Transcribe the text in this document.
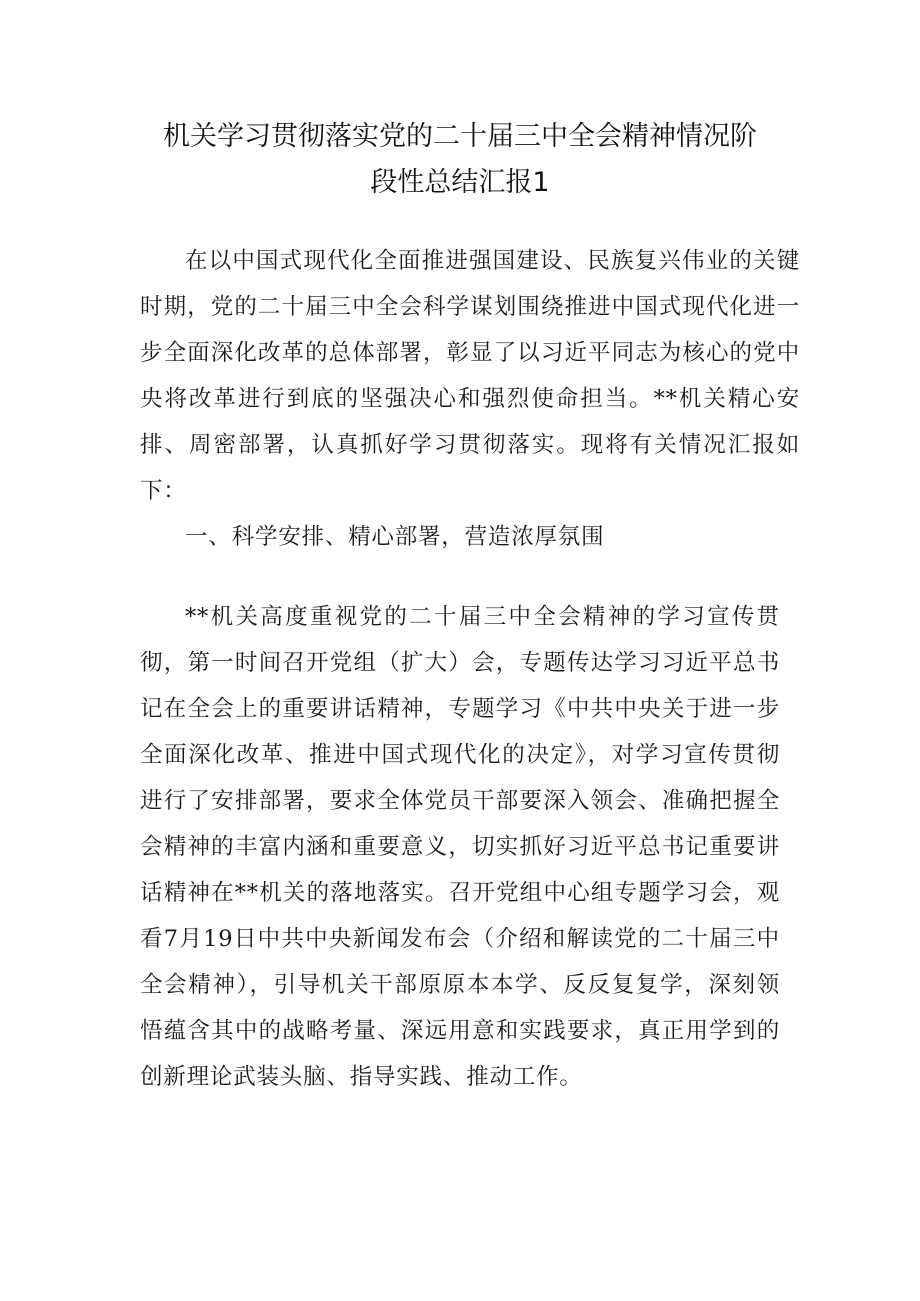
机关学习贯彻落实党的二十届三中全会精神情况阶
段性总结汇报1

在以中国式现代化全面推进强国建设、民族复兴伟业的关键时期，党的二十届三中全会科学谋划围绕推进中国式现代化进一步全面深化改革的总体部署，彰显了以习近平同志为核心的党中央将改革进行到底的坚强决心和强烈使命担当。**机关精心安排、周密部署，认真抓好学习贯彻落实。现将有关情况汇报如下：

一、科学安排、精心部署，营造浓厚氛围

**机关高度重视党的二十届三中全会精神的学习宣传贯彻，第一时间召开党组（扩大）会，专题传达学习习近平总书记在全会上的重要讲话精神，专题学习《中共中央关于进一步全面深化改革、推进中国式现代化的决定》，对学习宣传贯彻进行了安排部署，要求全体党员干部要深入领会、准确把握全会精神的丰富内涵和重要意义，切实抓好习近平总书记重要讲话精神在**机关的落地落实。召开党组中心组专题学习会，观看7月19日中共中央新闻发布会（介绍和解读党的二十届三中全会精神），引导机关干部原原本本学、反反复复学，深刻领悟蕴含其中的战略考量、深远用意和实践要求，真正用学到的创新理论武装头脑、指导实践、推动工作。
